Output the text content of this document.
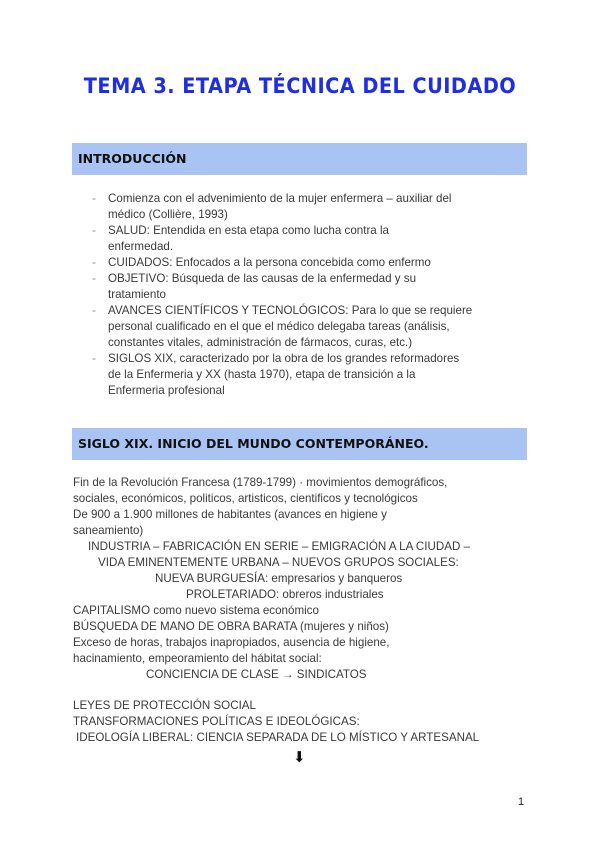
TEMA 3. ETAPA TÉCNICA DEL CUIDADO
INTRODUCCIÓN
- Comienza con el advenimiento de la mujer enfermera – auxiliar del
médico (Collière, 1993)
- SALUD: Entendida en esta etapa como lucha contra la
enfermedad.
- CUIDADOS: Enfocados a la persona concebida como enfermo
- OBJETIVO: Búsqueda de las causas de la enfermedad y su
tratamiento
- AVANCES CIENTÍFICOS Y TECNOLÓGICOS: Para lo que se requiere
personal cualificado en el que el médico delegaba tareas (análisis,
constantes vitales, administración de fármacos, curas, etc.)
- SIGLOS XIX, caracterizado por la obra de los grandes reformadores
de la Enfermeria y XX (hasta 1970), etapa de transición a la
Enfermeria profesional
SIGLO XIX. INICIO DEL MUNDO CONTEMPORÁNEO.
Fin de la Revolución Francesa (1789-1799) · movimientos demográficos,
sociales, económicos, politicos, artisticos, cientificos y tecnológicos
De 900 a 1.900 millones de habitantes (avances en higiene y
saneamiento)
INDUSTRIA – FABRICACIÓN EN SERIE – EMIGRACIÓN A LA CIUDAD –
VIDA EMINENTEMENTE URBANA – NUEVOS GRUPOS SOCIALES:
NUEVA BURGUESÍA: empresarios y banqueros
PROLETARIADO: obreros industriales
CAPITALISMO como nuevo sistema económico
BÚSQUEDA DE MANO DE OBRA BARATA (mujeres y niños)
Exceso de horas, trabajos inapropiados, ausencia de higiene,
hacinamiento, empeoramiento del hábitat social:
CONCIENCIA DE CLASE → SINDICATOS
LEYES DE PROTECCIÓN SOCIAL
TRANSFORMACIONES POLÍTICAS E IDEOLÓGICAS:
IDEOLOGÍA LIBERAL: CIENCIA SEPARADA DE LO MÍSTICO Y ARTESANAL
⬇
1
